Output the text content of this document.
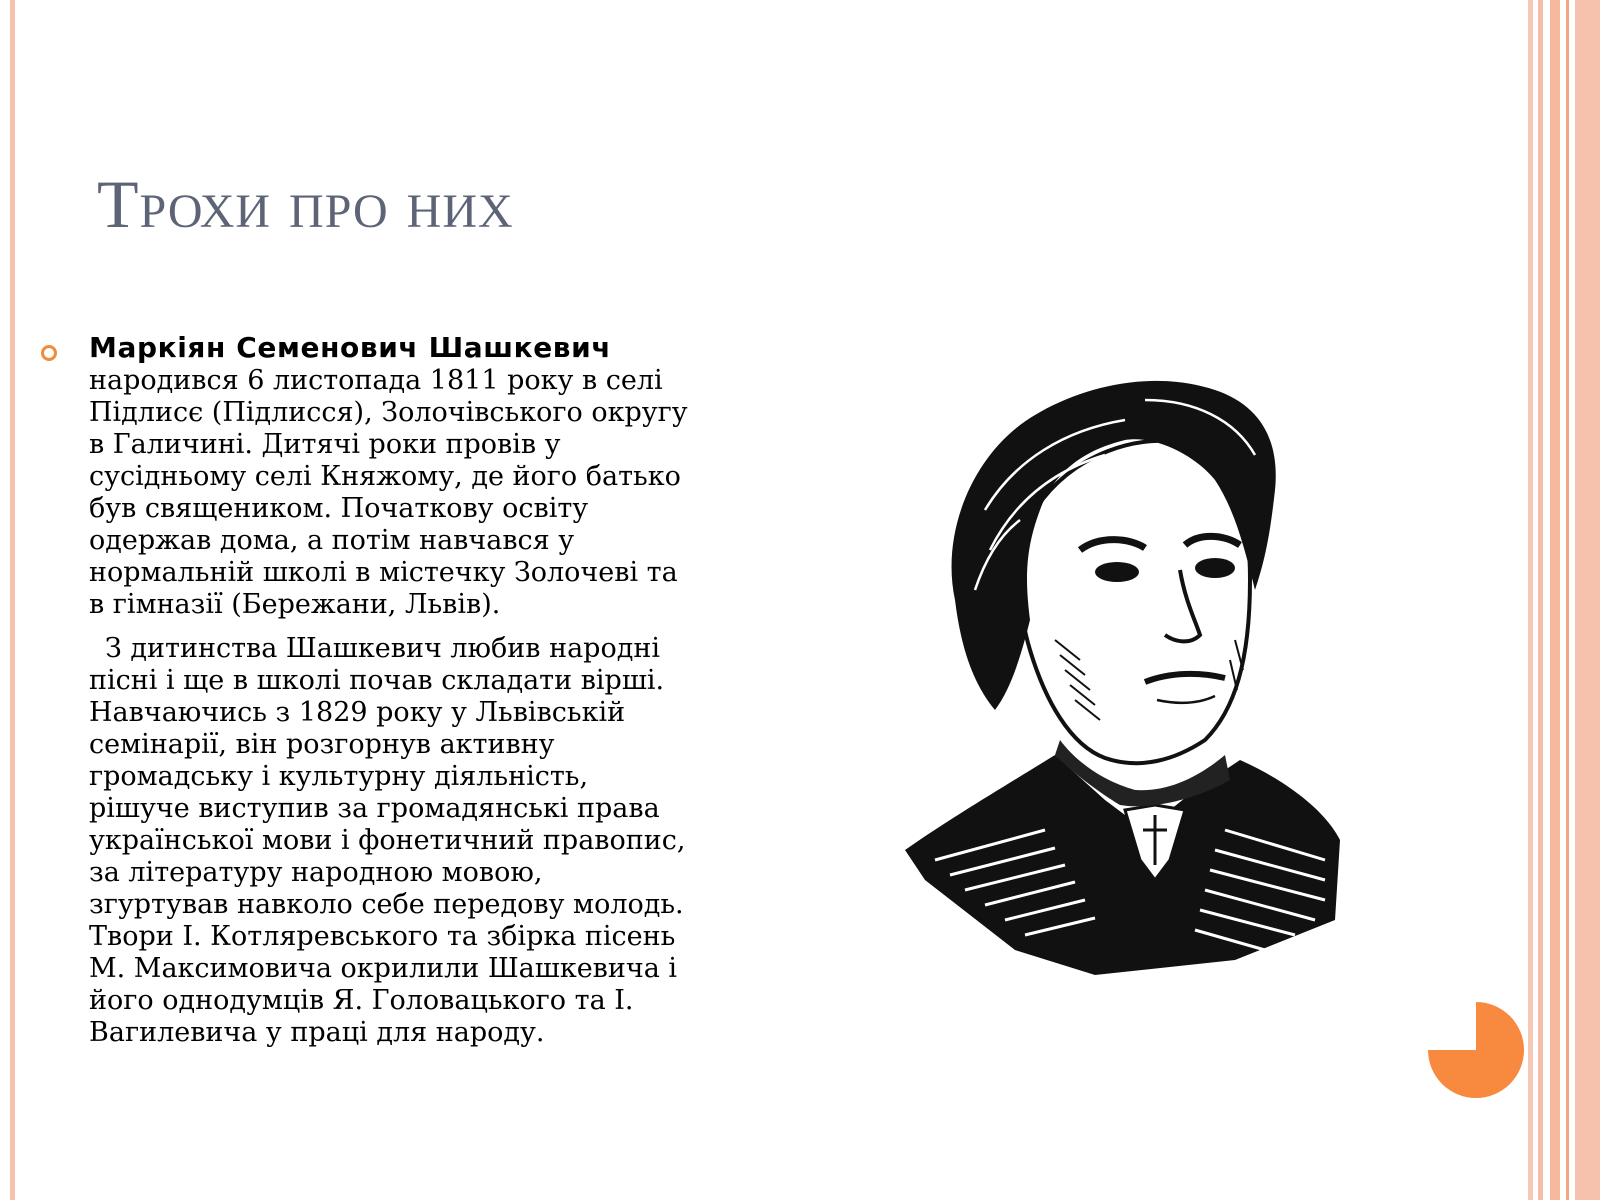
Трохи про них

Маркіян Семенович Шашкевич
народився 6 листопада 1811 року в селі Підлисє (Підлисся), Золочівського округу в Галичині. Дитячі роки провів у сусідньому селі Княжому, де його батько був священиком. Початкову освіту одержав дома, а потім навчався у нормальній школі в містечку Золочеві та в гімназії (Бережани, Львів).

З дитинства Шашкевич любив народні пісні і ще в школі почав складати вірші. Навчаючись з 1829 року у Львівській семінарії, він розгорнув активну громадську і культурну діяльність, рішуче виступив за громадянські права української мови і фонетичний правопис, за літературу народною мовою, згуртував навколо себе передову молодь. Твори І. Котляревського та збірка пісень М. Максимовича окрилили Шашкевича і його однодумців Я. Головацького та І. Вагилевича у праці для народу.
